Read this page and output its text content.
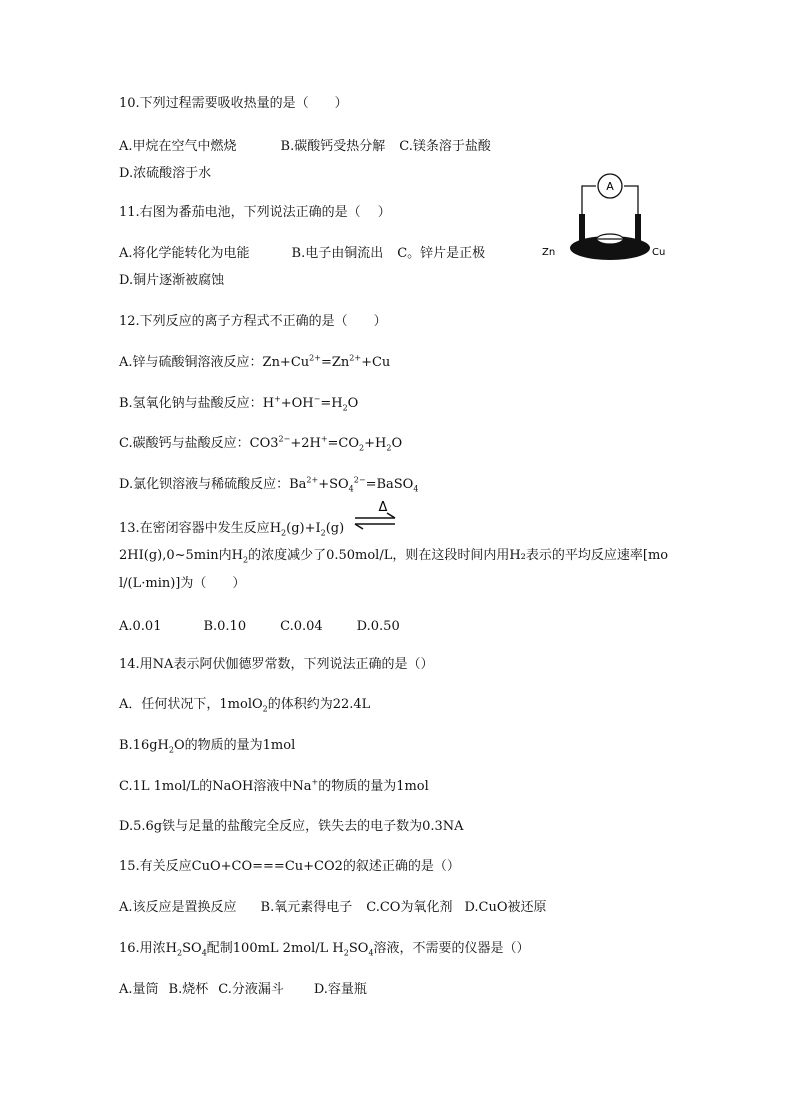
10.下列过程需要吸收热量的是（　　）
A.甲烷在空气中燃烧	B.碳酸钙受热分解 C.镁条溶于盐酸
D.浓硫酸溶于水
11.右图为番茄电池，下列说法正确的是（　 ）
A.将化学能转化为电能	B.电子由铜流出 C。锌片是正极
D.铜片逐渐被腐蚀
A
Zn	Cu
12.下列反应的离子方程式不正确的是（　　）
A.锌与硫酸铜溶液反应：$Zn+Cu^{2+}=Zn^{2+}+Cu$
B.氢氧化钠与盐酸反应：$H^++OH^-=H_2O$
C.碳酸钙与盐酸反应：$CO3^{2-}+2H^+=CO_2+H_2O$
D.氯化钡溶液与稀硫酸反应：$Ba^{2+}+SO_4^{2-}=BaSO_4$
13.在密闭容器中发生反应$H_2(g)+I_2(g)$
Δ
2HI(g),0~5min内$H_2$的浓度减少了0.50mol/L，则在这段时间内用H₂表示的平均反应速率[mo
l/(L·min)]为（　　）
A.0.01	B.0.10	C.0.04	D.0.50
14.用NA表示阿伏伽德罗常数，下列说法正确的是（）
A．任何状况下，1molO$_2$的体积约为22.4L
$B.16gH_2O$的物质的量为1mol
C.1L 1mol/L的NaOH溶液中Na+的物质的量为1mol
D.5.6g铁与足量的盐酸完全反应，铁失去的电子数为0.3NA
15.有关反应CuO+CO===Cu+CO2的叙述正确的是（）
A.该反应是置换反应 B.氧元素得电子 C.CO为氧化剂 D.CuO被还原
16.用浓$H_2SO_4$配制100mL 2mol/L $H_2SO_4$溶液，不需要的仪器是（）
A.量筒 B.烧杯 C.分液漏斗 D.容量瓶
